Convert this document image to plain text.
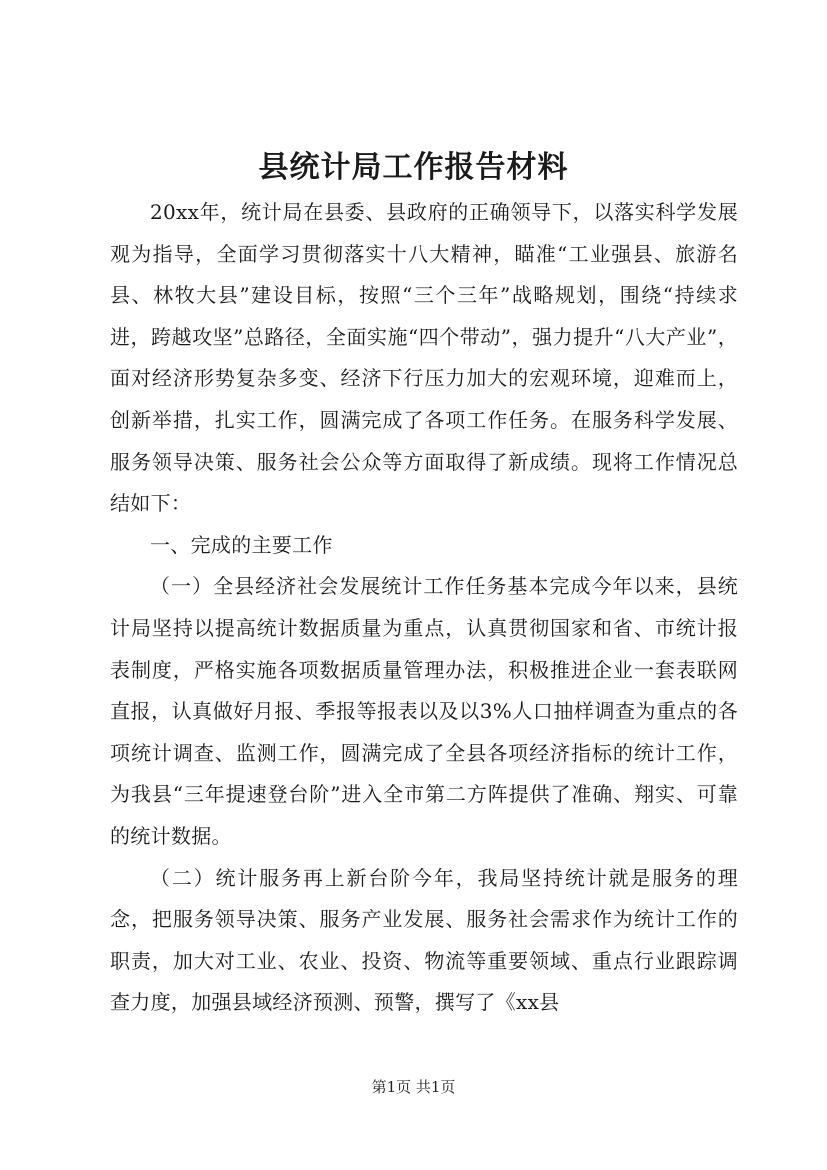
县统计局工作报告材料

20xx年，统计局在县委、县政府的正确领导下，以落实科学发展观为指导，全面学习贯彻落实十八大精神，瞄准“工业强县、旅游名县、林牧大县”建设目标，按照“三个三年”战略规划，围绕“持续求进，跨越攻坚”总路径，全面实施“四个带动”，强力提升“八大产业”，面对经济形势复杂多变、经济下行压力加大的宏观环境，迎难而上，创新举措，扎实工作，圆满完成了各项工作任务。在服务科学发展、服务领导决策、服务社会公众等方面取得了新成绩。现将工作情况总结如下：

一、完成的主要工作

（一）全县经济社会发展统计工作任务基本完成今年以来，县统计局坚持以提高统计数据质量为重点，认真贯彻国家和省、市统计报表制度，严格实施各项数据质量管理办法，积极推进企业一套表联网直报，认真做好月报、季报等报表以及以3%人口抽样调查为重点的各项统计调查、监测工作，圆满完成了全县各项经济指标的统计工作，为我县“三年提速登台阶”进入全市第二方阵提供了准确、翔实、可靠的统计数据。

（二）统计服务再上新台阶今年，我局坚持统计就是服务的理念，把服务领导决策、服务产业发展、服务社会需求作为统计工作的职责，加大对工业、农业、投资、物流等重要领域、重点行业跟踪调查力度，加强县域经济预测、预警，撰写了《xx县

第1页 共1页
